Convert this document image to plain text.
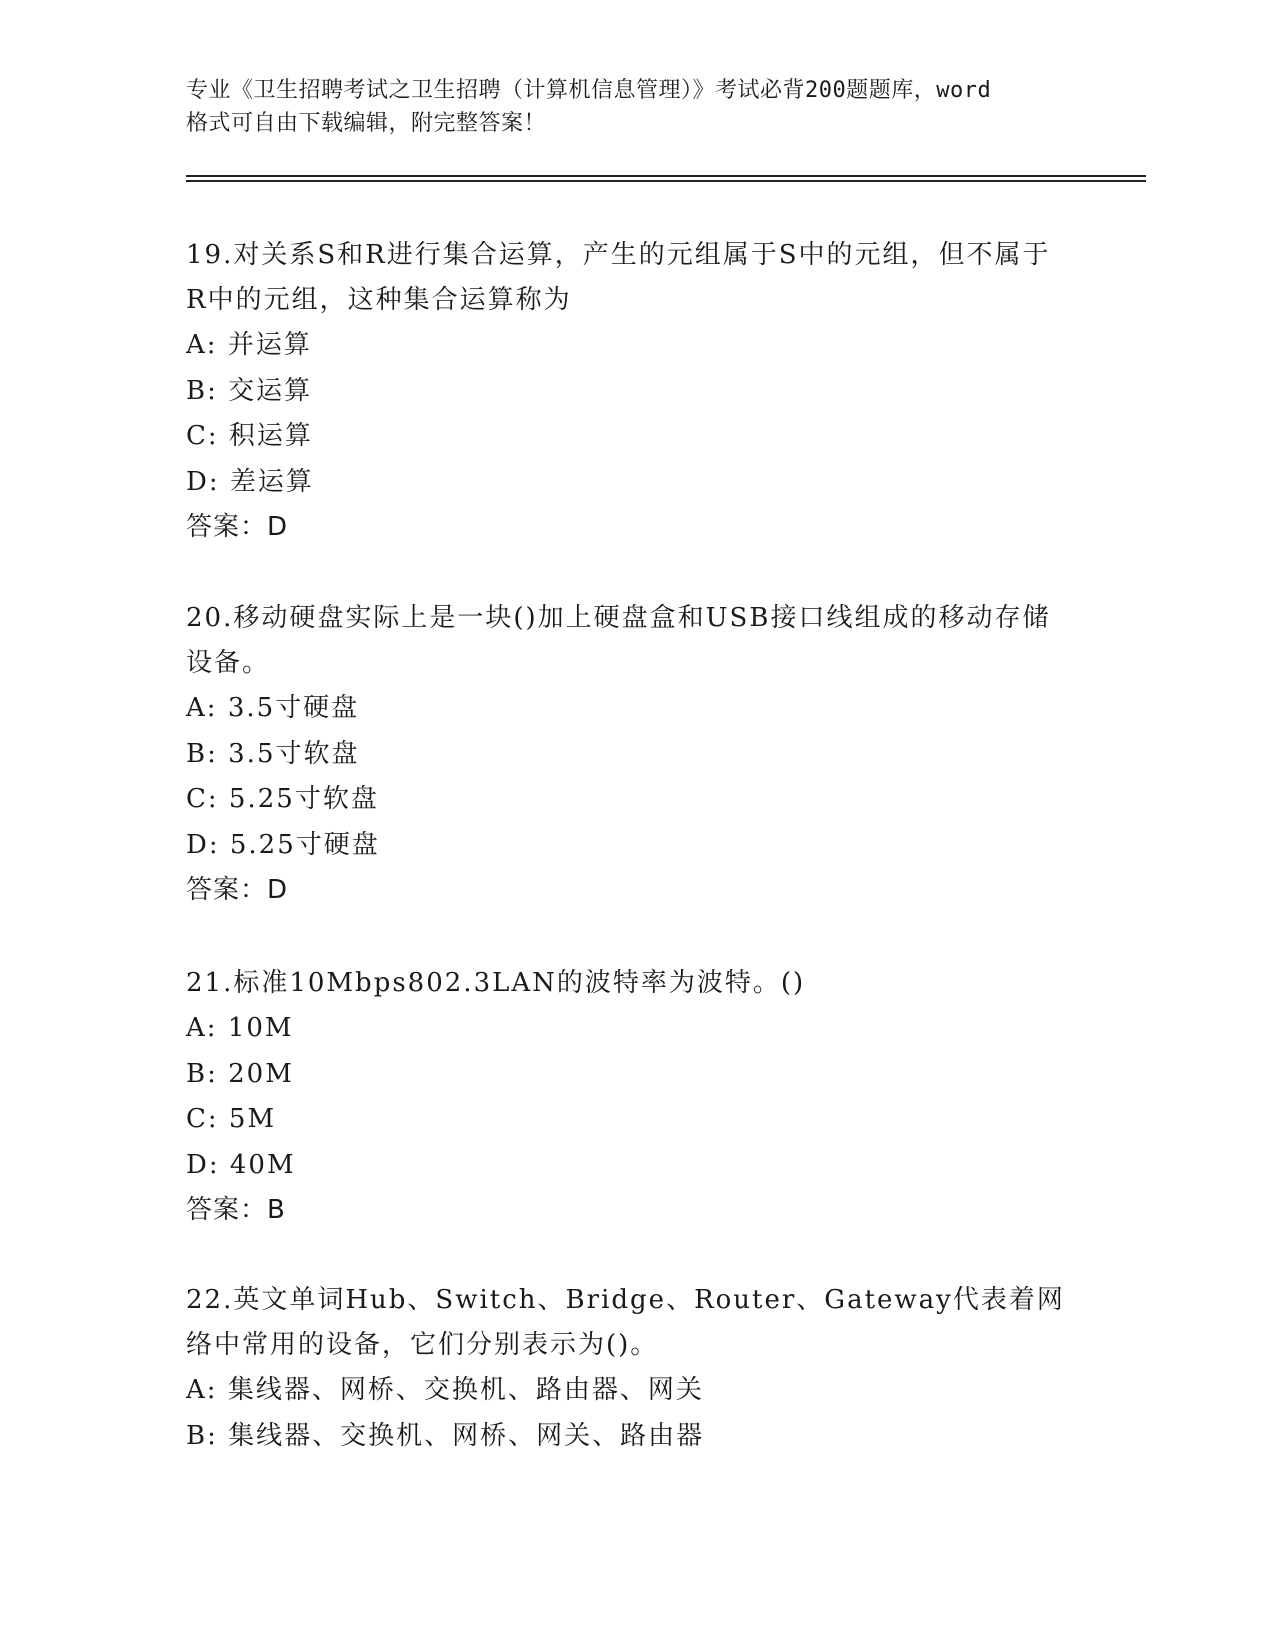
专业《卫生招聘考试之卫生招聘（计算机信息管理）》考试必背200题题库，word
格式可自由下载编辑，附完整答案！

19.对关系S和R进行集合运算，产生的元组属于S中的元组，但不属于R中的元组，这种集合运算称为

A: 并运算

B: 交运算

C: 积运算

D: 差运算

答案：D

20.移动硬盘实际上是一块()加上硬盘盒和USB接口线组成的移动存储设备。

A: 3.5寸硬盘

B: 3.5寸软盘

C: 5.25寸软盘

D: 5.25寸硬盘

答案：D

21.标准10Mbps802.3LAN的波特率为波特。()

A: 10M

B: 20M

C: 5M

D: 40M

答案：B

22.英文单词Hub、Switch、Bridge、Router、Gateway代表着网络中常用的设备，它们分别表示为()。

A: 集线器、网桥、交换机、路由器、网关

B: 集线器、交换机、网桥、网关、路由器
